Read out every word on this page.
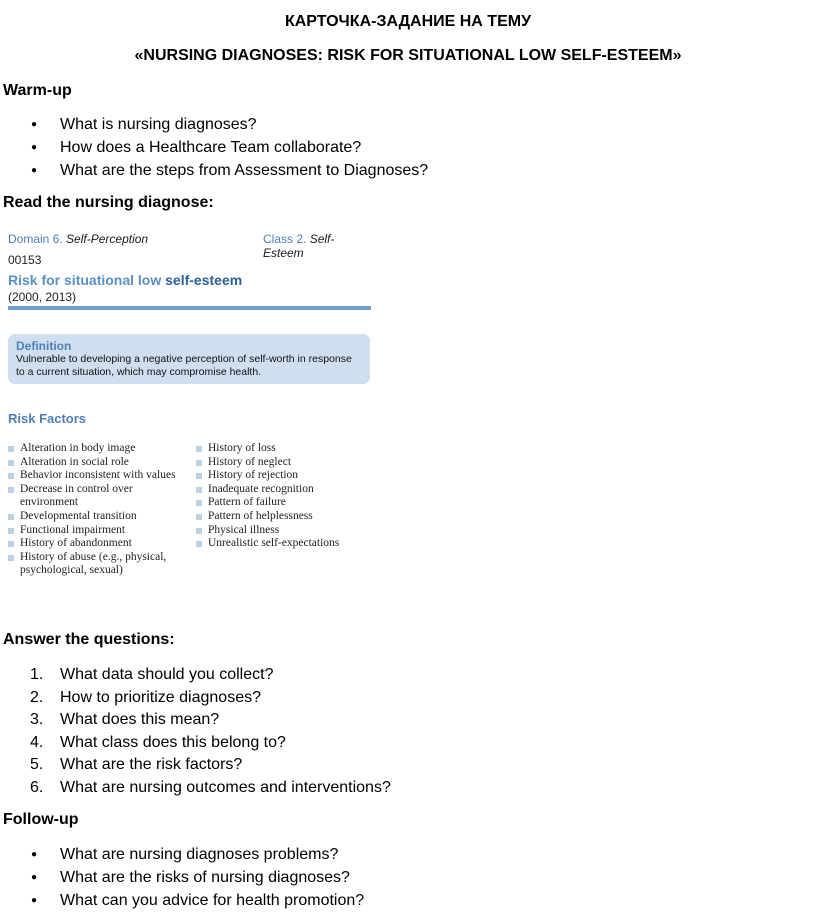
КАРТОЧКА-ЗАДАНИЕ НА ТЕМУ
«NURSING DIAGNOSES: RISK FOR SITUATIONAL LOW SELF-ESTEEM»
Warm-up
● What is nursing diagnoses?
● How does a Healthcare Team collaborate?
● What are the steps from Assessment to Diagnoses?
Read the nursing diagnose:
Domain 6. Self-Perception	Class 2. Self-Esteem
00153
Risk for situational low self-esteem
(2000, 2013)
Definition
Vulnerable to developing a negative perception of self-worth in response to a current situation, which may compromise health.
Risk Factors
Alteration in body image
Alteration in social role
Behavior inconsistent with values
Decrease in control over environment
Developmental transition
Functional impairment
History of abandonment
History of abuse (e.g., physical, psychological, sexual)
History of loss
History of neglect
History of rejection
Inadequate recognition
Pattern of failure
Pattern of helplessness
Physical illness
Unrealistic self-expectations
Answer the questions:
1. What data should you collect?
2. How to prioritize diagnoses?
3. What does this mean?
4. What class does this belong to?
5. What are the risk factors?
6. What are nursing outcomes and interventions?
Follow-up
● What are nursing diagnoses problems?
● What are the risks of nursing diagnoses?
● What can you advice for health promotion?
